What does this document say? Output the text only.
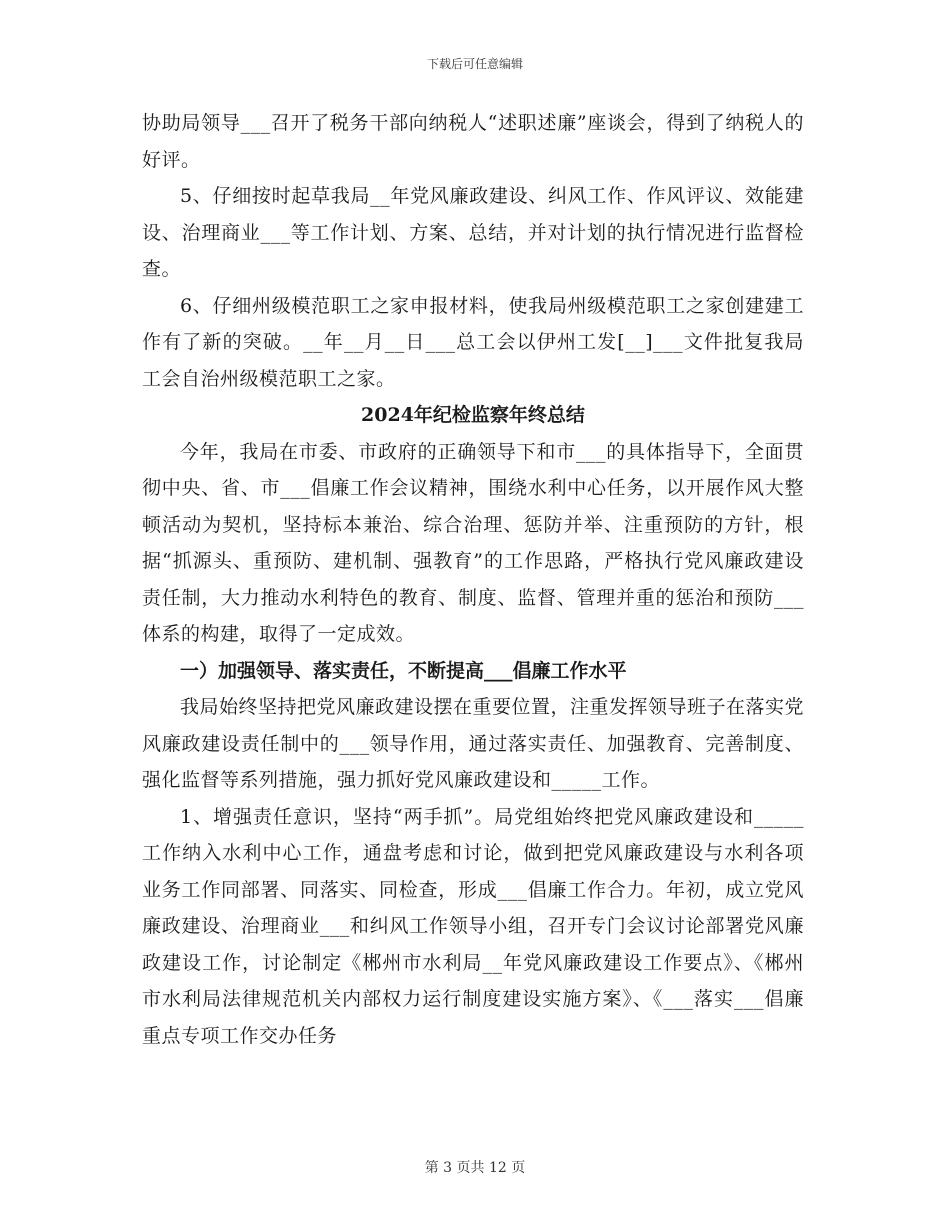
下载后可任意编辑

协助局领导___召开了税务干部向纳税人“述职述廉”座谈会，得到了纳税人的好评。

5、仔细按时起草我局__年党风廉政建设、纠风工作、作风评议、效能建设、治理商业___等工作计划、方案、总结，并对计划的执行情况进行监督检查。

6、仔细州级模范职工之家申报材料，使我局州级模范职工之家创建建工作有了新的突破。__年__月__日___总工会以伊州工发[__]___文件批复我局工会自治州级模范职工之家。

2024年纪检监察年终总结

今年，我局在市委、市政府的正确领导下和市___的具体指导下，全面贯彻中央、省、市___倡廉工作会议精神，围绕水利中心任务，以开展作风大整顿活动为契机，坚持标本兼治、综合治理、惩防并举、注重预防的方针，根据“抓源头、重预防、建机制、强教育”的工作思路，严格执行党风廉政建设责任制，大力推动水利特色的教育、制度、监督、管理并重的惩治和预防___体系的构建，取得了一定成效。

一）加强领导、落实责任，不断提高___倡廉工作水平

我局始终坚持把党风廉政建设摆在重要位置，注重发挥领导班子在落实党风廉政建设责任制中的___领导作用，通过落实责任、加强教育、完善制度、强化监督等系列措施，强力抓好党风廉政建设和_____工作。

1、增强责任意识，坚持“两手抓”。局党组始终把党风廉政建设和_____工作纳入水利中心工作，通盘考虑和讨论，做到把党风廉政建设与水利各项业务工作同部署、同落实、同检查，形成___倡廉工作合力。年初，成立党风廉政建设、治理商业___和纠风工作领导小组，召开专门会议讨论部署党风廉政建设工作，讨论制定《郴州市水利局__年党风廉政建设工作要点》、《郴州市水利局法律规范机关内部权力运行制度建设实施方案》、《___落实___倡廉重点专项工作交办任务

第 3 页共 12 页
